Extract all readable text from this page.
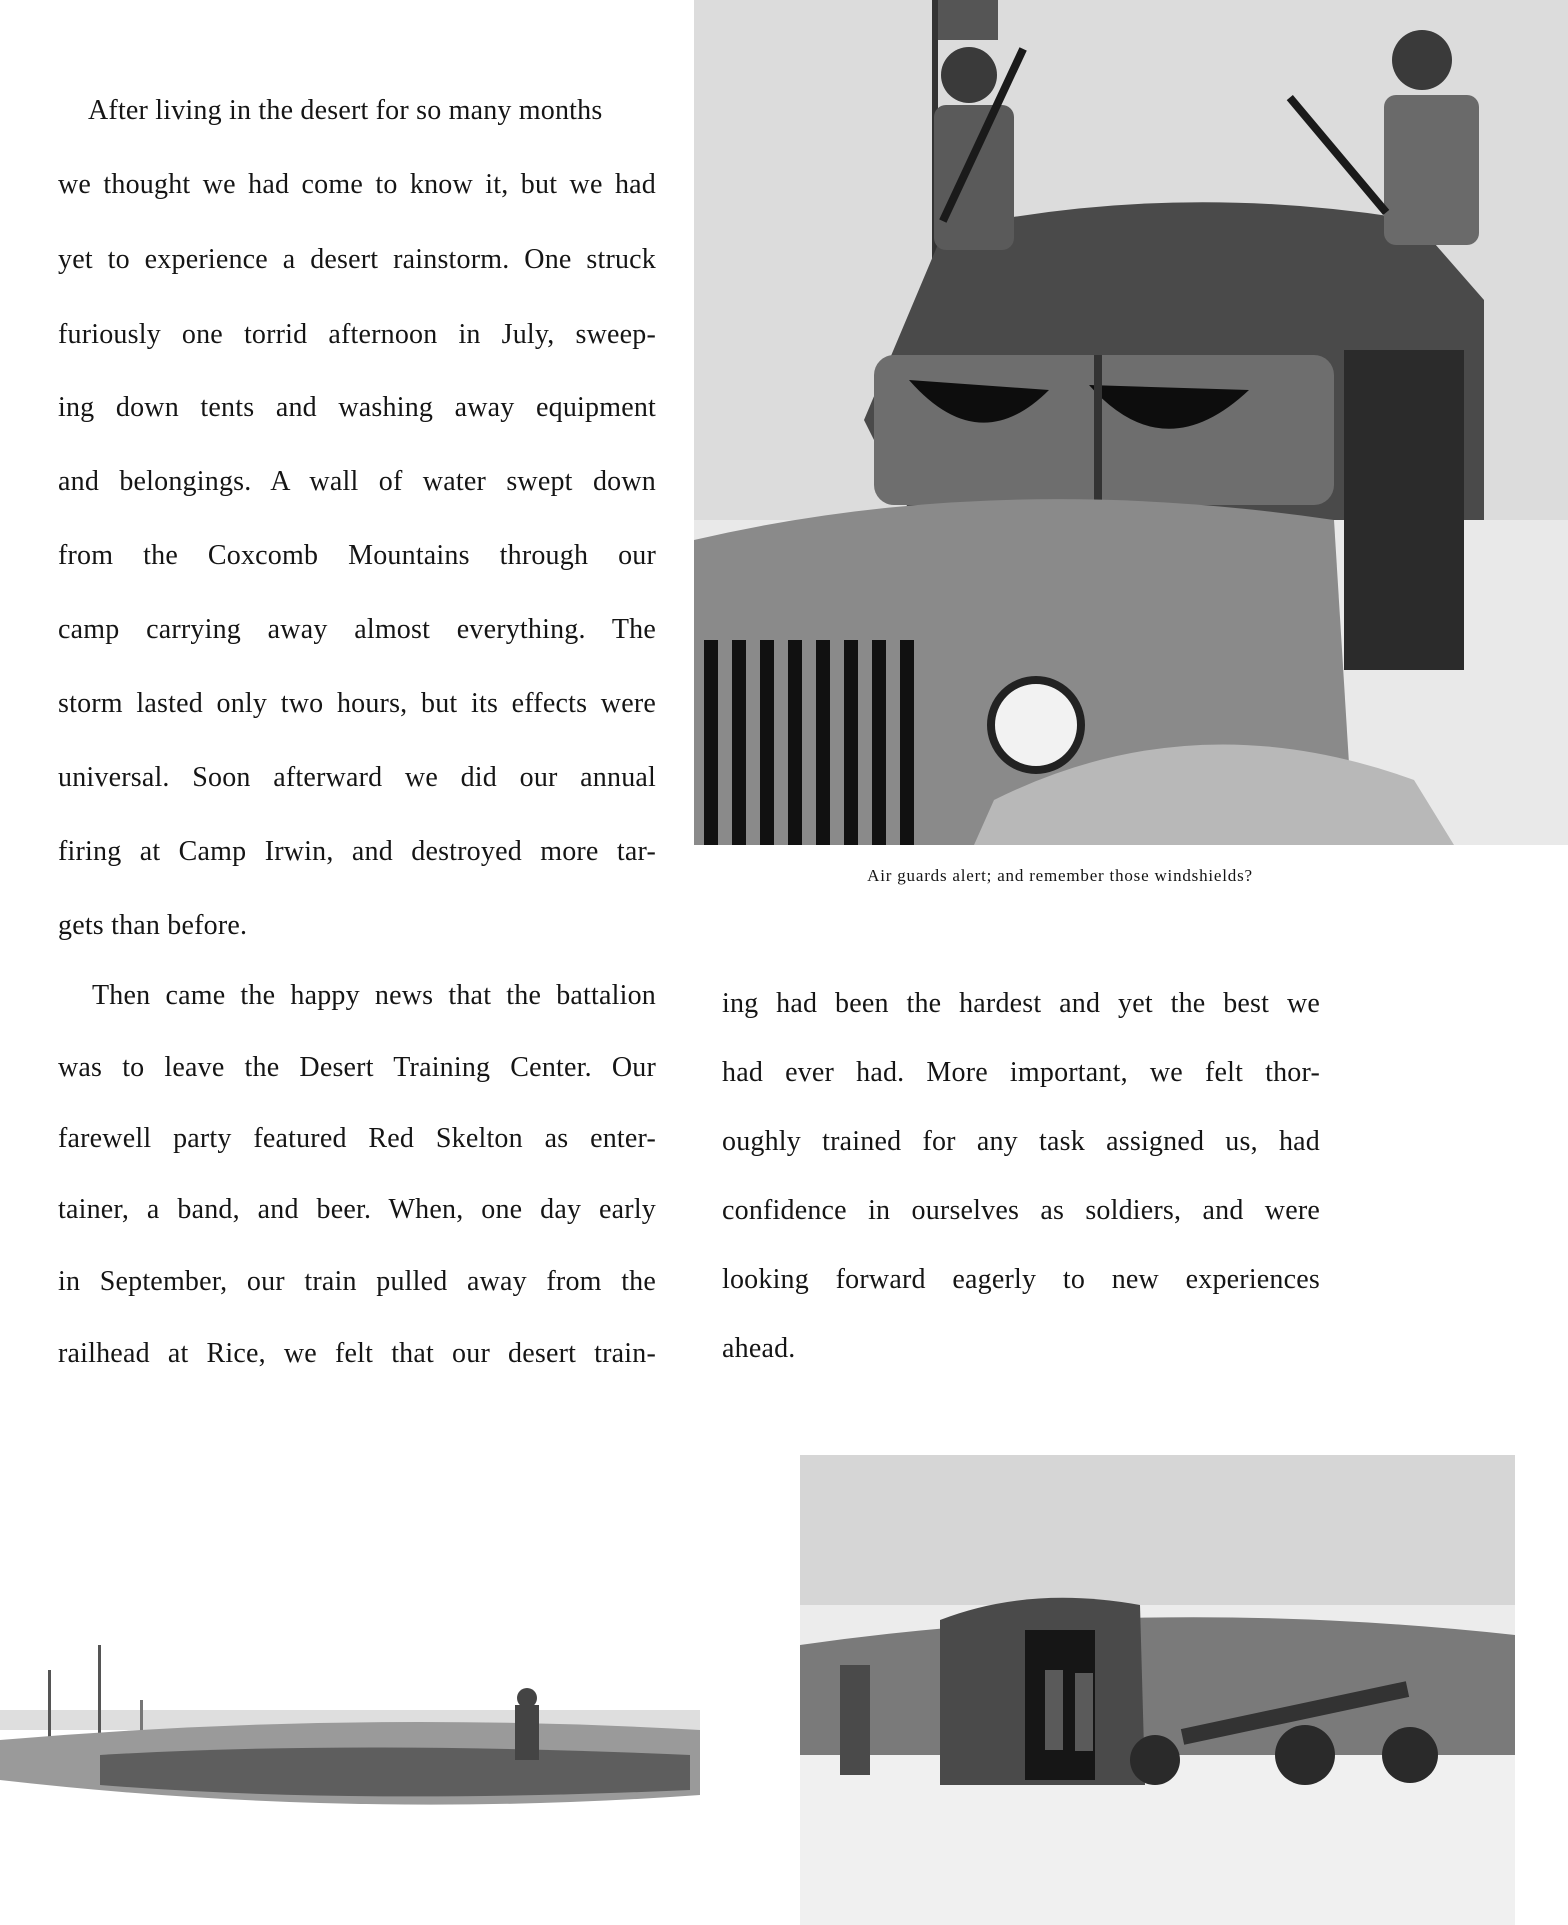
After living in the desert for so many months
we thought we had come to know it, but we had
yet to experience a desert rainstorm. One struck
furiously one torrid afternoon in July, sweep-
ing down tents and washing away equipment
and belongings. A wall of water swept down
from the Coxcomb Mountains through our
camp carrying away almost everything. The
storm lasted only two hours, but its effects were
universal. Soon afterward we did our annual
firing at Camp Irwin, and destroyed more tar-
gets than before.
Then came the happy news that the battalion
was to leave the Desert Training Center. Our
farewell party featured Red Skelton as enter-
tainer, a band, and beer. When, one day early
in September, our train pulled away from the
railhead at Rice, we felt that our desert train-
ing had been the hardest and yet the best we
had ever had. More important, we felt thor-
oughly trained for any task assigned us, had
confidence in ourselves as soldiers, and were
looking forward eagerly to new experiences
ahead.
Air guards alert; and remember those windshields?
